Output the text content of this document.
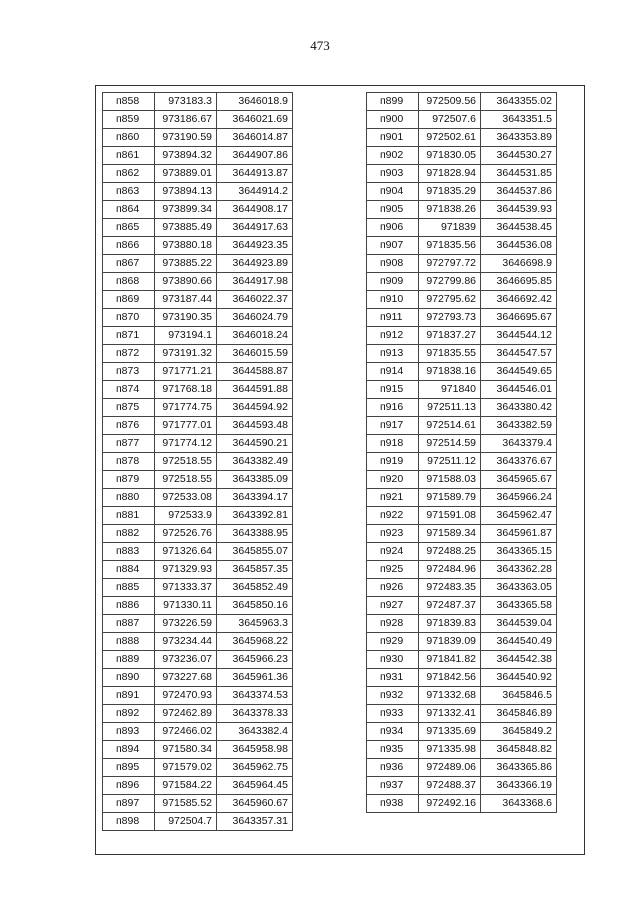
473
п858	973183.3	3646018.9
п859	973186.67	3646021.69
п860	973190.59	3646014.87
п861	973894.32	3644907.86
п862	973889.01	3644913.87
п863	973894.13	3644914.2
п864	973899.34	3644908.17
п865	973885.49	3644917.63
п866	973880.18	3644923.35
п867	973885.22	3644923.89
п868	973890.66	3644917.98
п869	973187.44	3646022.37
п870	973190.35	3646024.79
п871	973194.1	3646018.24
п872	973191.32	3646015.59
п873	971771.21	3644588.87
п874	971768.18	3644591.88
п875	971774.75	3644594.92
п876	971777.01	3644593.48
п877	971774.12	3644590.21
п878	972518.55	3643382.49
п879	972518.55	3643385.09
п880	972533.08	3643394.17
п881	972533.9	3643392.81
п882	972526.76	3643388.95
п883	971326.64	3645855.07
п884	971329.93	3645857.35
п885	971333.37	3645852.49
п886	971330.11	3645850.16
п887	973226.59	3645963.3
п888	973234.44	3645968.22
п889	973236.07	3645966.23
п890	973227.68	3645961.36
п891	972470.93	3643374.53
п892	972462.89	3643378.33
п893	972466.02	3643382.4
п894	971580.34	3645958.98
п895	971579.02	3645962.75
п896	971584.22	3645964.45
п897	971585.52	3645960.67
п898	972504.7	3643357.31
п899	972509.56	3643355.02
п900	972507.6	3643351.5
п901	972502.61	3643353.89
п902	971830.05	3644530.27
п903	971828.94	3644531.85
п904	971835.29	3644537.86
п905	971838.26	3644539.93
п906	971839	3644538.45
п907	971835.56	3644536.08
п908	972797.72	3646698.9
п909	972799.86	3646695.85
п910	972795.62	3646692.42
п911	972793.73	3646695.67
п912	971837.27	3644544.12
п913	971835.55	3644547.57
п914	971838.16	3644549.65
п915	971840	3644546.01
п916	972511.13	3643380.42
п917	972514.61	3643382.59
п918	972514.59	3643379.4
п919	972511.12	3643376.67
п920	971588.03	3645965.67
п921	971589.79	3645966.24
п922	971591.08	3645962.47
п923	971589.34	3645961.87
п924	972488.25	3643365.15
п925	972484.96	3643362.28
п926	972483.35	3643363.05
п927	972487.37	3643365.58
п928	971839.83	3644539.04
п929	971839.09	3644540.49
п930	971841.82	3644542.38
п931	971842.56	3644540.92
п932	971332.68	3645846.5
п933	971332.41	3645846.89
п934	971335.69	3645849.2
п935	971335.98	3645848.82
п936	972489.06	3643365.86
п937	972488.37	3643366.19
п938	972492.16	3643368.6
